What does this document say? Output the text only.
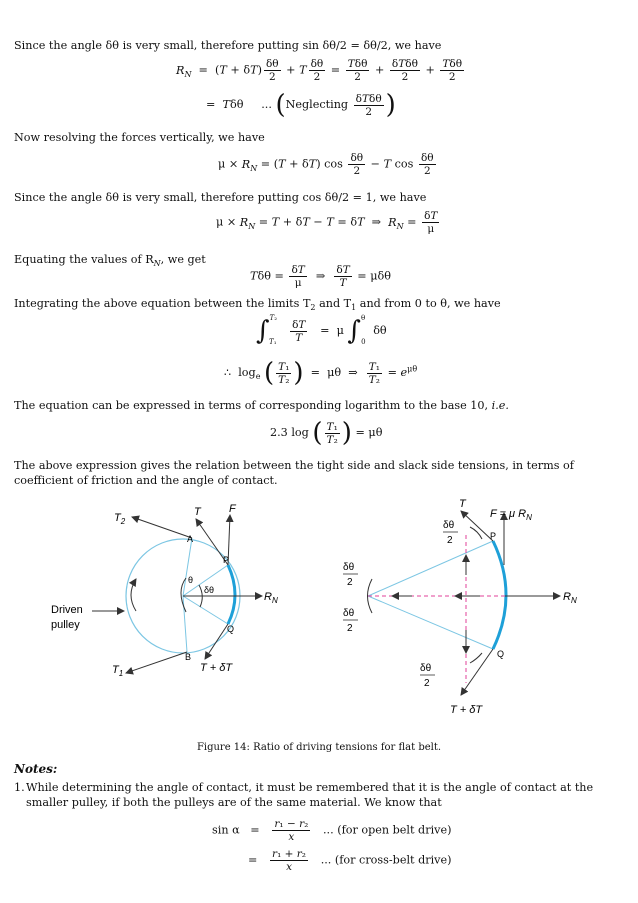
Since the angle δθ is very small, therefore putting sin δθ/2 = δθ/2, we have

$R_N = (T + \delta T) \frac{\delta\theta}{2} + T \frac{\delta\theta}{2} = \frac{\text{Tδθ}}{2} + \frac{\text{δTδθ}}{2} + \frac{\text{Tδθ}}{2}$
=  Tδθ     ... (Neglecting $\frac{\text{δTδθ}}{2}$ )

Now resolving the forces vertically, we have

$\mu \times R_N = (T + \delta T)$ $\cos \frac{\delta\theta}{2} - T$ $\cos \frac{\delta\theta}{2}$

Since the angle δθ is very small, therefore putting cos δθ/2 = 1, we have

$\mu \times R_N = T + \delta T - T = \delta T$  ⇒  $R_N = \frac{\delta T}{\mu}$

Equating the values of $R_N$, we get

$T\delta\theta = \frac{\delta T}{\mu}$ ⇒ $\frac{\delta T}{T} = \mu\delta\theta$

Integrating the above equation between the limits $T_2$ and $T_1$ and from 0 to θ, we have

$\int^{T_2}_{T_1} \frac{\delta T}{T} = \mu$ ∫$^\theta_0$ δθ
∴  $\log_e$ ( $\frac{\text{T₁}}{\text{T₂}}$ )  =  μθ  ⇒ $\frac{\text{T₁}}{\text{T₂}} = e^{\mu\theta}$

The equation can be expressed in terms of corresponding logarithm to the base 10, i.e.

2.3 log ( $\frac{\text{T₁}}{\text{T₂}}$ ) = μθ

The above expression gives the relation between the tight side and slack side tensions, in terms of coefficient of friction and the angle of contact.

$T_2$
T	F
A
P
θ
δθ
$R_N$
Q
B
Driven
pulley
$T_1$	T + δT
T
F = μ $R_N$
δθ
2	P
δθ
2
δθ
2
$R_N$
Q
δθ
2
T + δT
Figure 14: Ratio of driving tensions for flat belt.
Notes:
1. While determining the angle of contact, it must be remembered that it is the angle of contact at the smaller pulley, if both the pulleys are of the same material. We know that
$\sin \alpha = \frac{\text{r₁ − r₂}}{x}$ ... (for open belt drive)
= $\frac{\text{r₁ + r₂}}{x}$ ... (for cross-belt drive)
